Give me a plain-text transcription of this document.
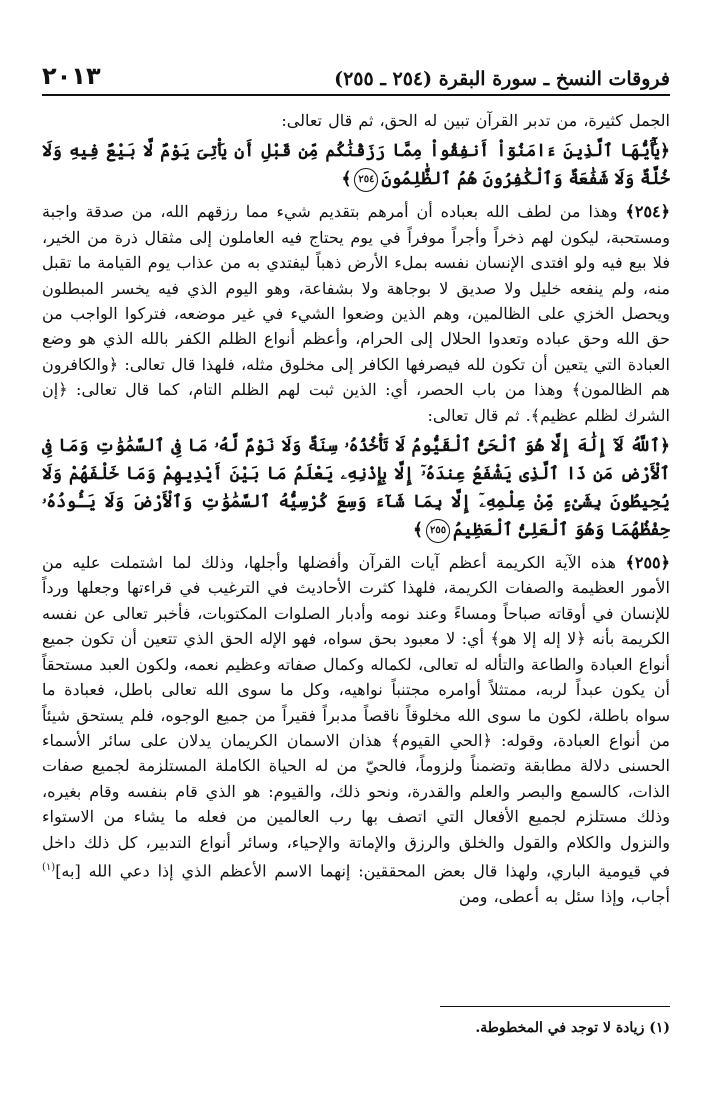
فروقات النسخ ـ سورة البقرة (٢٥٤ ـ ٢٥٥)
٢٠١٣

الجمل كثيرة، من تدبر القرآن تبين له الحق، ثم قال تعالى:

﴿يَٰٓأَيُّهَا ٱلَّذِينَ ءَامَنُوٓاْ أَنفِقُواْ مِمَّا رَزَقْنَٰكُم مِّن قَبْلِ أَن يَأْتِىَ يَوْمٌ لَّا بَيْعٌ فِيهِ وَلَا خُلَّةٌ وَلَا شَفَٰعَةٌ وَٱلْكَٰفِرُونَ هُمُ ٱلظَّٰلِمُونَ٢٥٤﴾

﴿٢٥٤﴾ وهذا من لطف الله بعباده أن أمرهم بتقديم شيء مما رزقهم الله، من صدقة واجبة ومستحبة، ليكون لهم ذخراً وأجراً موفراً في يوم يحتاج فيه العاملون إلى مثقال ذرة من الخير، فلا بيع فيه ولو افتدى الإنسان نفسه بملء الأرض ذهباً ليفتدي به من عذاب يوم القيامة ما تقبل منه، ولم ينفعه خليل ولا صديق لا بوجاهة ولا بشفاعة، وهو اليوم الذي فيه يخسر المبطلون ويحصل الخزي على الظالمين، وهم الذين وضعوا الشيء في غير موضعه، فتركوا الواجب من حق الله وحق عباده وتعدوا الحلال إلى الحرام، وأعظم أنواع الظلم الكفر بالله الذي هو وضع العبادة التي يتعين أن تكون لله فيصرفها الكافر إلى مخلوق مثله، فلهذا قال تعالى: ﴿والكافرون هم الظالمون﴾ وهذا من باب الحصر، أي: الذين ثبت لهم الظلم التام، كما قال تعالى: ﴿إن الشرك لظلم عظيم﴾. ثم قال تعالى:

﴿ٱللَّهُ لَآ إِلَٰهَ إِلَّا هُوَ ٱلْحَىُّ ٱلْقَيُّومُ لَا تَأْخُذُهُۥ سِنَةٌ وَلَا نَوْمٌ لَّهُۥ مَا فِى ٱلسَّمَٰوَٰتِ وَمَا فِى ٱلْأَرْضِ مَن ذَا ٱلَّذِى يَشْفَعُ عِندَهُۥٓ إِلَّا بِإِذْنِهِۦ يَعْلَمُ مَا بَيْنَ أَيْدِيهِمْ وَمَا خَلْفَهُمْ وَلَا يُحِيطُونَ بِشَىْءٍ مِّنْ عِلْمِهِۦٓ إِلَّا بِمَا شَآءَ وَسِعَ كُرْسِيُّهُ ٱلسَّمَٰوَٰتِ وَٱلْأَرْضَ وَلَا يَـُٔودُهُۥ حِفْظُهُمَا وَهُوَ ٱلْعَلِىُّ ٱلْعَظِيمُ٢٥٥﴾

﴿٢٥٥﴾ هذه الآية الكريمة أعظم آيات القرآن وأفضلها وأجلها، وذلك لما اشتملت عليه من الأمور العظيمة والصفات الكريمة، فلهذا كثرت الأحاديث في الترغيب في قراءتها وجعلها ورداً للإنسان في أوقاته صباحاً ومساءً وعند نومه وأدبار الصلوات المكتوبات، فأخبر تعالى عن نفسه الكريمة بأنه ﴿لا إله إلا هو﴾ أي: لا معبود بحق سواه، فهو الإله الحق الذي تتعين أن تكون جميع أنواع العبادة والطاعة والتأله له تعالى، لكماله وكمال صفاته وعظيم نعمه، ولكون العبد مستحقاً أن يكون عبداً لربه، ممتثلاً أوامره مجتنباً نواهيه، وكل ما سوى الله تعالى باطل، فعبادة ما سواه باطلة، لكون ما سوى الله مخلوقاً ناقصاً مدبراً فقيراً من جميع الوجوه، فلم يستحق شيئاً من أنواع العبادة، وقوله: ﴿الحي القيوم﴾ هذان الاسمان الكريمان يدلان على سائر الأسماء الحسنى دلالة مطابقة وتضمناً ولزوماً، فالحيّ من له الحياة الكاملة المستلزمة لجميع صفات الذات، كالسمع والبصر والعلم والقدرة، ونحو ذلك، والقيوم: هو الذي قام بنفسه وقام بغيره، وذلك مستلزم لجميع الأفعال التي اتصف بها رب العالمين من فعله ما يشاء من الاستواء والنزول والكلام والقول والخلق والرزق والإماتة والإحياء، وسائر أنواع التدبير، كل ذلك داخل في قيومية الباري، ولهذا قال بعض المحققين: إنهما الاسم الأعظم الذي إذا دعي الله [به]$^{(١)}$ أجاب، وإذا سئل به أعطى، ومن

(١) زيادة لا توجد في المخطوطة.
